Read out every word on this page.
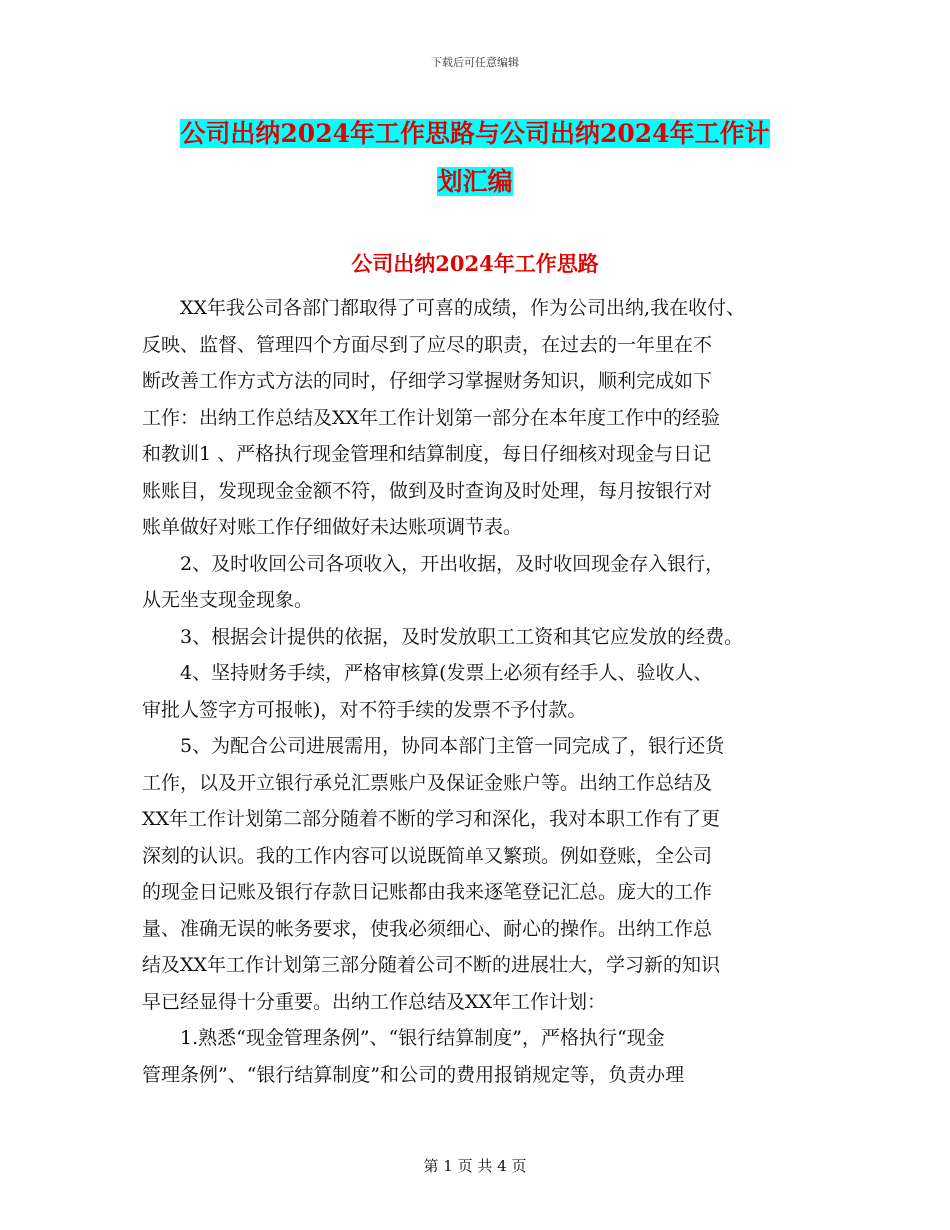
下载后可任意编辑
公司出纳2024年工作思路与公司出纳2024年工作计
划汇编
公司出纳2024年工作思路
　　XX年我公司各部门都取得了可喜的成绩，作为公司出纳,我在收付、
反映、监督、管理四个方面尽到了应尽的职责，在过去的一年里在不
断改善工作方式方法的同时，仔细学习掌握财务知识，顺利完成如下
工作：出纳工作总结及XX年工作计划第一部分在本年度工作中的经验
和教训1 、严格执行现金管理和结算制度，每日仔细核对现金与日记
账账目，发现现金金额不符，做到及时查询及时处理，每月按银行对
账单做好对账工作仔细做好未达账项调节表。
　　2、及时收回公司各项收入，开出收据，及时收回现金存入银行，
从无坐支现金现象。
　　3、根据会计提供的依据，及时发放职工工资和其它应发放的经费。
　　4、坚持财务手续，严格审核算(发票上必须有经手人、验收人、
审批人签字方可报帐)，对不符手续的发票不予付款。
　　5、为配合公司进展需用，协同本部门主管一同完成了，银行还货
工作，以及开立银行承兑汇票账户及保证金账户等。出纳工作总结及
XX年工作计划第二部分随着不断的学习和深化，我对本职工作有了更
深刻的认识。我的工作内容可以说既简单又繁琐。例如登账，全公司
的现金日记账及银行存款日记账都由我来逐笔登记汇总。庞大的工作
量、准确无误的帐务要求，使我必须细心、耐心的操作。出纳工作总
结及XX年工作计划第三部分随着公司不断的进展壮大，学习新的知识
早已经显得十分重要。出纳工作总结及XX年工作计划：
　　1.熟悉“现金管理条例”、“银行结算制度”，严格执行“现金
管理条例”、“银行结算制度”和公司的费用报销规定等，负责办理
第 1 页 共 4 页
